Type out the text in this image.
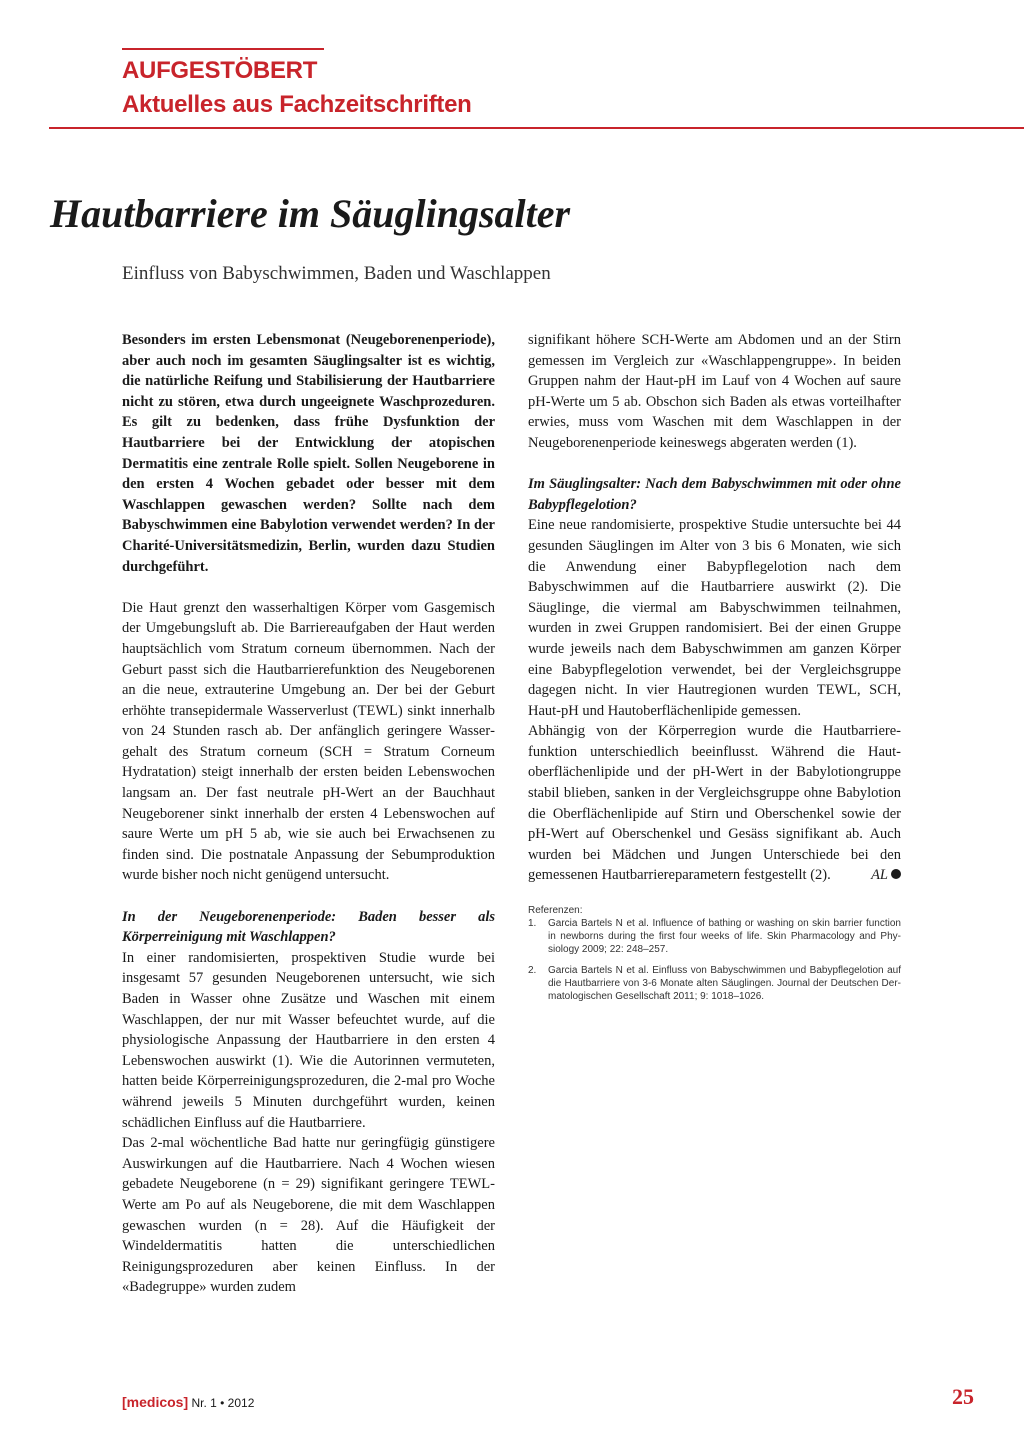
AUFGESTÖBERT
Aktuelles aus Fachzeitschriften
Hautbarriere im Säuglingsalter

Einfluss von Babyschwimmen, Baden und Waschlappen

Besonders im ersten Lebensmonat (Neugeborenenperiode), aber auch noch im gesamten Säuglingsalter ist es wichtig, die natürliche Reifung und Stabilisierung der Hautbarriere nicht zu stören, etwa durch ungeeignete Waschprozeduren. Es gilt zu bedenken, dass frühe Dysfunktion der Hautbarriere bei der Entwicklung der atopischen Dermatitis eine zentrale Rolle spielt. Sollen Neugeborene in den ersten 4 Wochen gebadet oder besser mit dem Waschlappen gewaschen werden? Sollte nach dem Babyschwimmen eine Babylotion verwendet werden? In der Charité-Universitätsmedizin, Berlin, wurden dazu Studien durchgeführt.

Die Haut grenzt den wasserhaltigen Körper vom Gasgemisch der Umgebungsluft ab. Die Barriereaufgaben der Haut werden hauptsächlich vom Stratum corneum übernommen. Nach der Geburt passt sich die Hautbarrierefunktion des Neugeborenen an die neue, extrauterine Umgebung an. Der bei der Geburt erhöhte transepidermale Wasserverlust (TEWL) sinkt innerhalb von 24 Stunden rasch ab. Der anfänglich geringere Wassergehalt des Stratum corneum (SCH = Stratum Corneum Hydratation) steigt innerhalb der ersten beiden Lebenswochen langsam an. Der fast neutrale pH-Wert an der Bauchhaut Neugeborener sinkt innerhalb der ersten 4 Lebenswochen auf saure Werte um pH 5 ab, wie sie auch bei Erwachsenen zu finden sind. Die postnatale Anpassung der Sebumproduktion wurde bisher noch nicht genügend untersucht.

In der Neugeborenenperiode: Baden besser als Körperreinigung mit Waschlappen?

In einer randomisierten, prospektiven Studie wurde bei insgesamt 57 gesunden Neugeborenen untersucht, wie sich Baden in Wasser ohne Zusätze und Waschen mit einem Waschlappen, der nur mit Wasser befeuchtet wurde, auf die physiologische Anpassung der Hautbarriere in den ersten 4 Lebenswochen auswirkt (1). Wie die Autorinnen vermuteten, hatten beide Körperreinigungsprozeduren, die 2-mal pro Woche während jeweils 5 Minuten durchgeführt wurden, keinen schädlichen Einfluss auf die Hautbarriere.

Das 2-mal wöchentliche Bad hatte nur geringfügig günstigere Auswirkungen auf die Hautbarriere. Nach 4 Wochen wiesen gebadete Neugeborene (n = 29) signifikant geringere TEWL-Werte am Po auf als Neugeborene, die mit dem Waschlappen gewaschen wurden (n = 28). Auf die Häufigkeit der Windeldermatitis hatten die unterschiedlichen Reinigungsprozeduren aber keinen Einfluss. In der «Badegruppe» wurden zudem

signifikant höhere SCH-Werte am Abdomen und an der Stirn gemessen im Vergleich zur «Waschlappengruppe». In beiden Gruppen nahm der Haut-pH im Lauf von 4 Wochen auf saure pH-Werte um 5 ab. Obschon sich Baden als etwas vorteilhafter erwies, muss vom Waschen mit dem Waschlappen in der Neugeborenenperiode keineswegs abgeraten werden (1).

Im Säuglingsalter: Nach dem Babyschwimmen mit oder ohne Babypflegelotion?

Eine neue randomisierte, prospektive Studie untersuchte bei 44 gesunden Säuglingen im Alter von 3 bis 6 Monaten, wie sich die Anwendung einer Babypflegelotion nach dem Babyschwimmen auf die Hautbarriere auswirkt (2). Die Säuglinge, die viermal am Babyschwimmen teilnahmen, wurden in zwei Gruppen randomisiert. Bei der einen Gruppe wurde jeweils nach dem Babyschwimmen am ganzen Körper eine Babypflegelotion verwendet, bei der Vergleichsgruppe dagegen nicht. In vier Hautregionen wurden TEWL, SCH, Haut-pH und Hautoberflächenlipide gemessen.

Abhängig von der Körperregion wurde die Hautbarrierefunktion unterschiedlich beeinflusst. Während die Hautoberflächenlipide und der pH-Wert in der Babylotiongruppe stabil blieben, sanken in der Vergleichsgruppe ohne Babylotion die Oberflächenlipide auf Stirn und Oberschenkel sowie der pH-Wert auf Oberschenkel und Gesäss signifikant ab. Auch wurden bei Mädchen und Jungen Unterschiede bei den gemessenen Hautbarriereparametern festgestellt (2).	AL

Referenzen:

1.	Garcia Bartels N et al. Influence of bathing or washing on skin barrier function in newborns during the first four weeks of life. Skin Pharmacology and Physiology 2009; 22: 248–257.
2.	Garcia Bartels N et al. Einfluss von Babyschwimmen und Babypflegelotion auf die Hautbarriere von 3-6 Monate alten Säuglingen. Journal der Deutschen Dermatologischen Gesellschaft 2011; 9: 1018–1026.
[medicos] Nr. 1 • 2012	25
